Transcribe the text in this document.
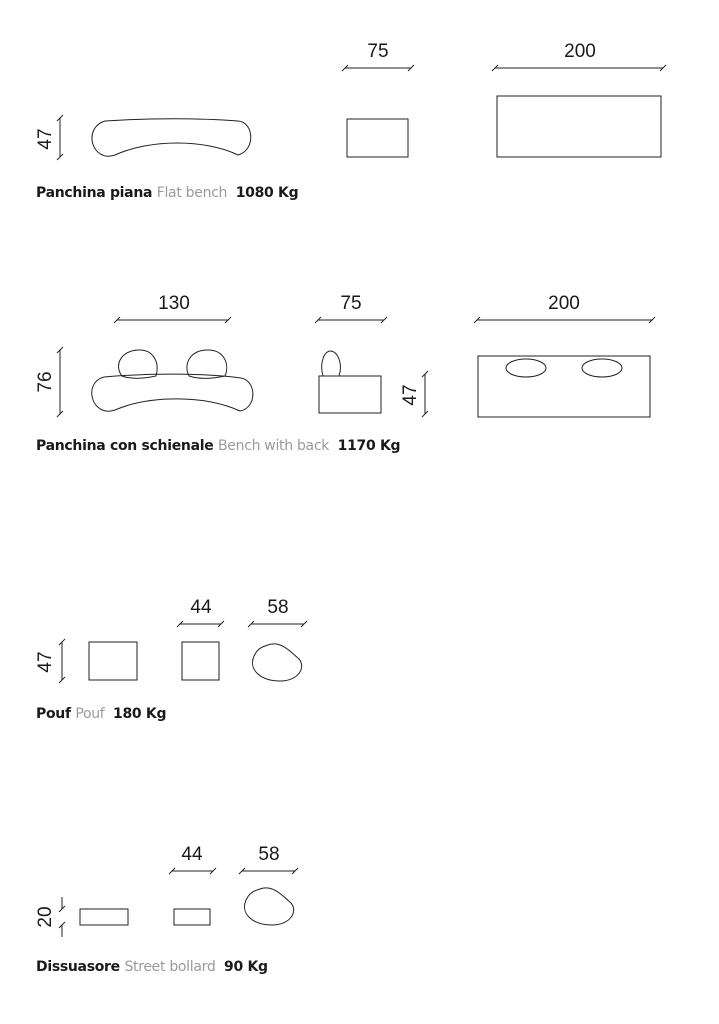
47
75	200
76
130	75
47
200
47
44	58
20
44	58

Panchina piana Flat bench 1080 Kg

Panchina con schienale Bench with back 1170 Kg

Pouf Pouf 180 Kg

Dissuasore Street bollard 90 Kg
